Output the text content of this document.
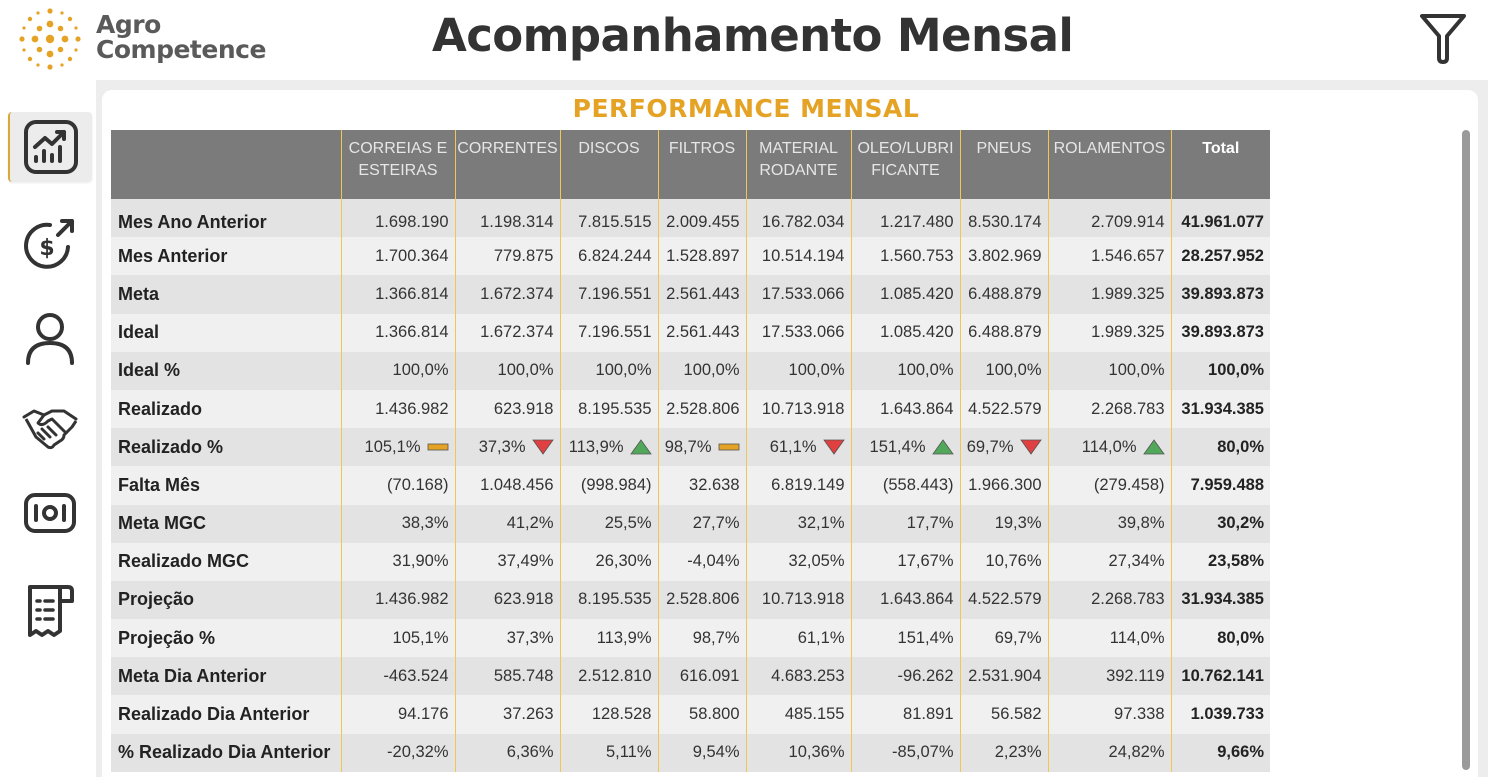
Agro
Competence	Acompanhamento Mensal
$
PERFORMANCE MENSAL
	CORREIAS E ESTEIRAS	CORRENTES	DISCOS	FILTROS	MATERIAL RODANTE	OLEO/LUBRI FICANTE	PNEUS	ROLAMENTOS	Total
Mes Ano Anterior	1.698.190	1.198.314	7.815.515	2.009.455	16.782.034	1.217.480	8.530.174	2.709.914	41.961.077
Mes Anterior	1.700.364	779.875	6.824.244	1.528.897	10.514.194	1.560.753	3.802.969	1.546.657	28.257.952
Meta	1.366.814	1.672.374	7.196.551	2.561.443	17.533.066	1.085.420	6.488.879	1.989.325	39.893.873
Ideal	1.366.814	1.672.374	7.196.551	2.561.443	17.533.066	1.085.420	6.488.879	1.989.325	39.893.873
Ideal %	100,0%	100,0%	100,0%	100,0%	100,0%	100,0%	100,0%	100,0%	100,0%
Realizado	1.436.982	623.918	8.195.535	2.528.806	10.713.918	1.643.864	4.522.579	2.268.783	31.934.385
Realizado %	105,1%	37,3%	113,9%	98,7%	61,1%	151,4%	69,7%	114,0%	80,0%
Falta Mês	(70.168)	1.048.456	(998.984)	32.638	6.819.149	(558.443)	1.966.300	(279.458)	7.959.488
Meta MGC	38,3%	41,2%	25,5%	27,7%	32,1%	17,7%	19,3%	39,8%	30,2%
Realizado MGC	31,90%	37,49%	26,30%	-4,04%	32,05%	17,67%	10,76%	27,34%	23,58%
Projeção	1.436.982	623.918	8.195.535	2.528.806	10.713.918	1.643.864	4.522.579	2.268.783	31.934.385
Projeção %	105,1%	37,3%	113,9%	98,7%	61,1%	151,4%	69,7%	114,0%	80,0%
Meta Dia Anterior	-463.524	585.748	2.512.810	616.091	4.683.253	-96.262	2.531.904	392.119	10.762.141
Realizado Dia Anterior	94.176	37.263	128.528	58.800	485.155	81.891	56.582	97.338	1.039.733
% Realizado Dia Anterior	-20,32%	6,36%	5,11%	9,54%	10,36%	-85,07%	2,23%	24,82%	9,66%
